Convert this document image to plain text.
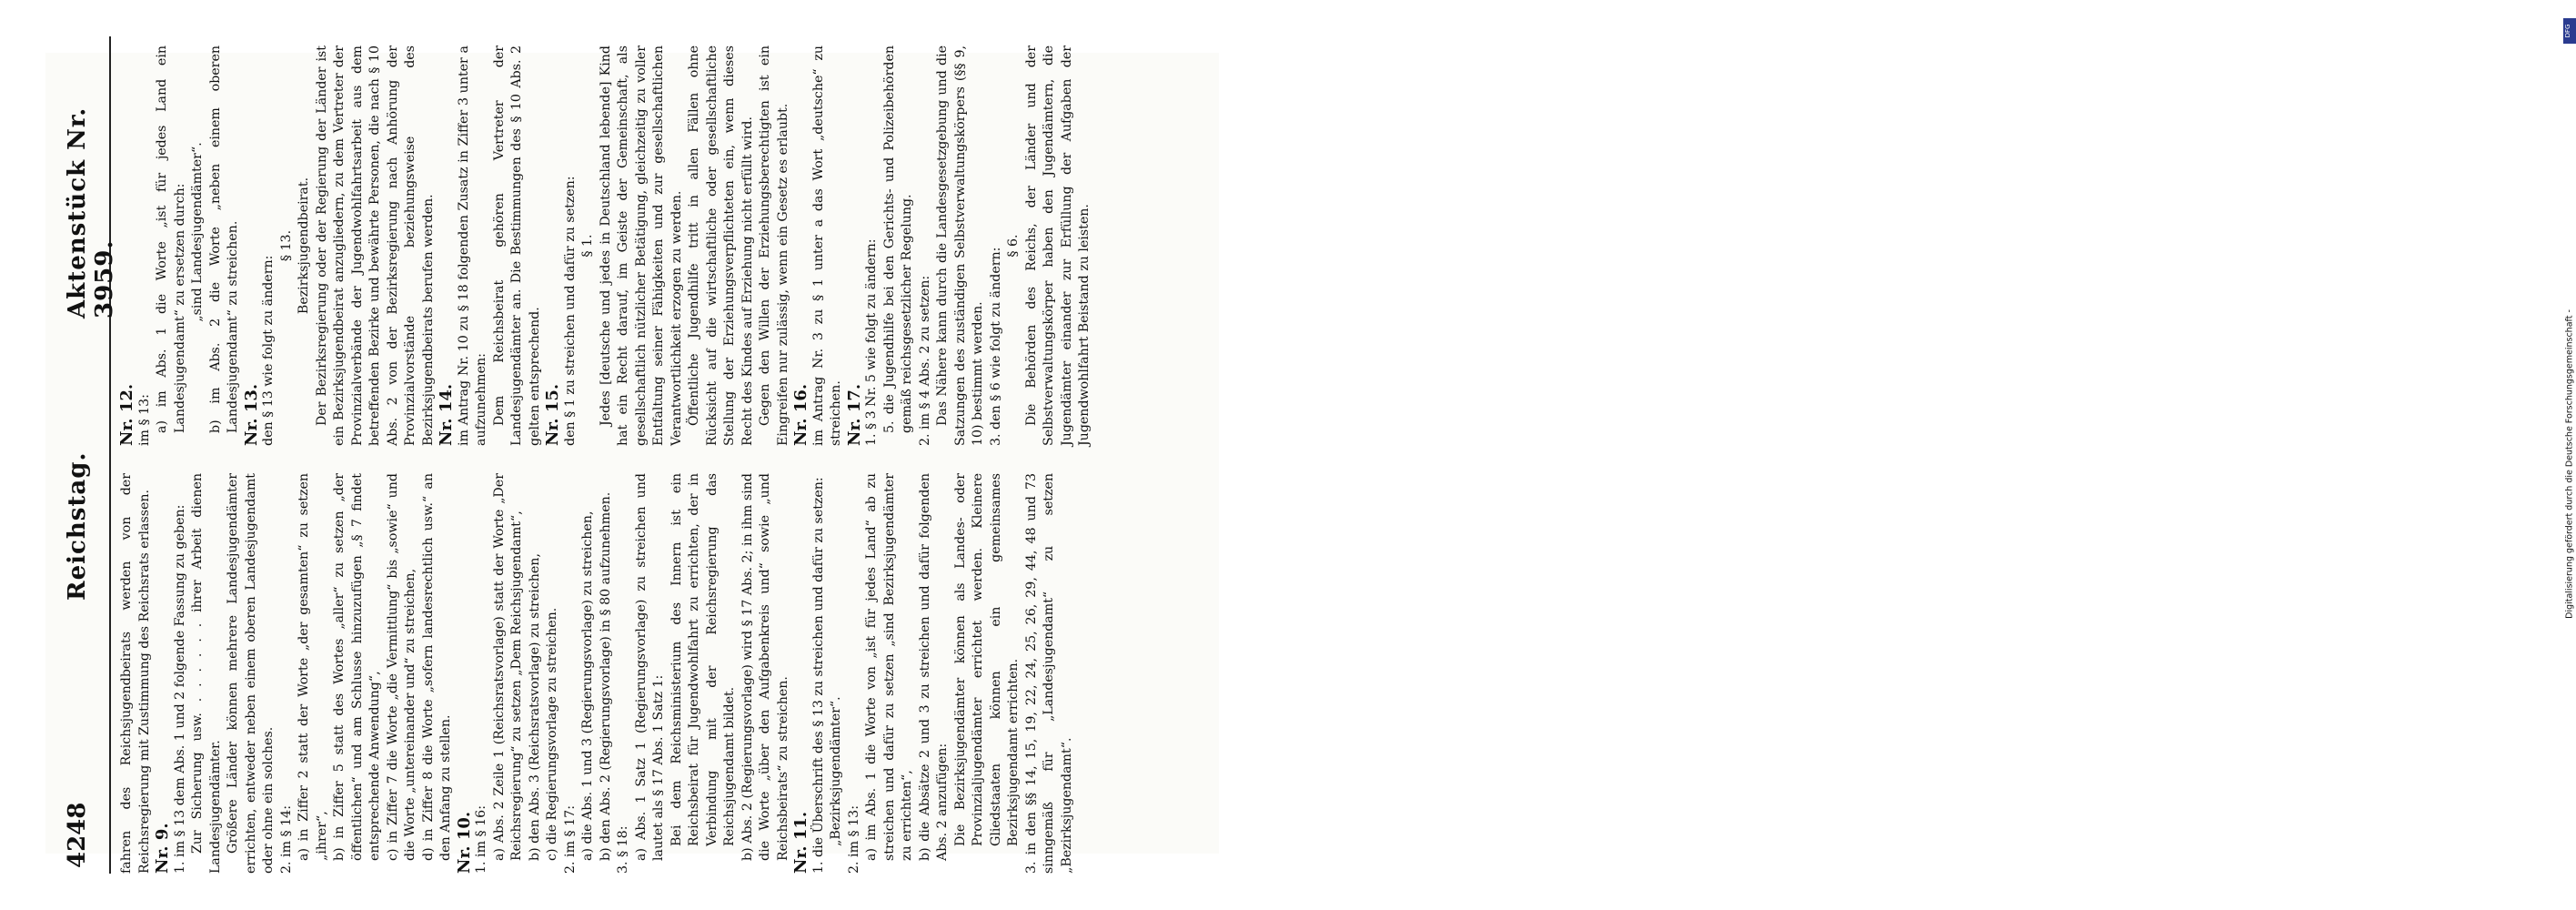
4248
Reichstag.
Aktenstück Nr. 3959.

fahren des Reichsjugendbeirats werden von der Reichsregierung mit Zustimmung des Reichsrats erlassen. Nr. 9. 1. im § 13 dem Abs. 1 und 2 folgende Fassung zu geben: Zur Sicherung usw. . . . . . . ihrer Arbeit dienen Landesjugendämter. Größere Länder können mehrere Landesjugendämter errichten, entweder neben einem oberen Landesjugendamt oder ohne ein solches. 2. im § 14: a) in Ziffer 2 statt der Worte „der gesamten“ zu setzen „ihrer“, b) in Ziffer 5 statt des Wortes „aller“ zu setzen „der öffentlichen“ und am Schlusse hinzuzufügen „§ 7 findet entsprechende Anwendung“, c) in Ziffer 7 die Worte „die Vermittlung“ bis „sowie“ und die Worte „untereinander und“ zu streichen, d) in Ziffer 8 die Worte „sofern landesrechtlich usw.“ an den Anfang zu stellen. Nr. 10. 1. im § 16: a) Abs. 2 Zeile 1 (Reichsratsvorlage) statt der Worte „Der Reichsregierung“ zu setzen „Dem Reichsjugendamt“, b) den Abs. 3 (Reichsratsvorlage) zu streichen, c) die Regierungsvorlage zu streichen. 2. im § 17: a) die Abs. 1 und 3 (Regierungsvorlage) zu streichen, b) den Abs. 2 (Regierungsvorlage) in § 80 aufzunehmen. 3. § 18: a) Abs. 1 Satz 1 (Regierungsvorlage) zu streichen und lautet als § 17 Abs. 1 Satz 1: Bei dem Reichsministerium des Innern ist ein Reichsbeirat für Jugendwohlfahrt zu errichten, der in Verbindung mit der Reichsregierung das Reichsjugendamt bildet. b) Abs. 2 (Regierungsvorlage) wird § 17 Abs. 2; in ihm sind die Worte „über den Aufgabenkreis und“ sowie „und Reichsbeirats“ zu streichen. Nr. 11. 1. die Überschrift des § 13 zu streichen und dafür zu setzen: „Bezirksjugendämter“. 2. im § 13: a) im Abs. 1 die Worte von „ist für jedes Land“ ab zu streichen und dafür zu setzen „sind Bezirksjugendämter zu errichten“, b) die Absätze 2 und 3 zu streichen und dafür folgenden Abs. 2 anzufügen: Die Bezirksjugendämter können als Landes- oder Provinzialjugendämter errichtet werden. Kleinere Gliedstaaten können ein gemeinsames Bezirksjugendamt errichten. 3. in den §§ 14, 15, 19, 22, 24, 25, 26, 29, 44, 48 und 73 sinngemäß für „Landesjugendamt“ zu setzen „Bezirksjugendamt“.

Nr. 12. im § 13: a) im Abs. 1 die Worte „ist für jedes Land ein Landesjugendamt“ zu ersetzen durch: „sind Landesjugendämter“. b) im Abs. 2 die Worte „neben einem oberen Landesjugendamt“ zu streichen. Nr. 13. den § 13 wie folgt zu ändern:

§ 13. Bezirksjugendbeirat. Der Bezirksregierung oder der Regierung der Länder ist ein Bezirksjugendbeirat anzugliedern, zu dem Vertreter der Provinzialverbände der Jugendwohlfahrtsarbeit aus dem betreffenden Bezirke und bewährte Personen, die nach § 10 Abs. 2 von der Bezirksregierung nach Anhörung der Provinzialvorstände beziehungsweise des Bezirksjugendbeirats berufen werden. Nr. 14. im Antrag Nr. 10 zu § 18 folgenden Zusatz in Ziffer 3 unter a aufzunehmen: Dem Reichsbeirat gehören Vertreter der Landesjugendämter an. Die Bestimmungen des § 10 Abs. 2 gelten entsprechend. Nr. 15. den § 1 zu streichen und dafür zu setzen: § 1. Jedes [deutsche und jedes in Deutschland lebende] Kind hat ein Recht darauf, im Geiste der Gemeinschaft, als gesellschaftlich nützlicher Betätigung, gleichzeitig zu voller Entfaltung seiner Fähigkeiten und zur gesellschaftlichen Verantwortlichkeit erzogen zu werden. Öffentliche Jugendhilfe tritt in allen Fällen ohne Rücksicht auf die wirtschaftliche oder gesellschaftliche Stellung der Erziehungsverpflichteten ein, wenn dieses Recht des Kindes auf Erziehung nicht erfüllt wird. Gegen den Willen der Erziehungsberechtigten ist ein Eingreifen nur zulässig, wenn ein Gesetz es erlaubt. Nr. 16. im Antrag Nr. 3 zu § 1 unter a das Wort „deutsche“ zu streichen. Nr. 17. 1. § 3 Nr. 5 wie folgt zu ändern: 5. die Jugendhilfe bei den Gerichts- und Polizeibehörden gemäß reichsgesetzlicher Regelung. 2. im § 4 Abs. 2 zu setzen: Das Nähere kann durch die Landesgesetzgebung und die Satzungen des zuständigen Selbstverwaltungskörpers (§§ 9, 10) bestimmt werden. 3. den § 6 wie folgt zu ändern:

§ 6. Die Behörden des Reichs, der Länder und der Selbstverwaltungskörper haben den Jugendämtern, die Jugendämter einander zur Erfüllung der Aufgaben der Jugendwohlfahrt Beistand zu leisten.

DFG
Digitalisierung gefördert durch die Deutsche Forschungsgemeinschaft -
